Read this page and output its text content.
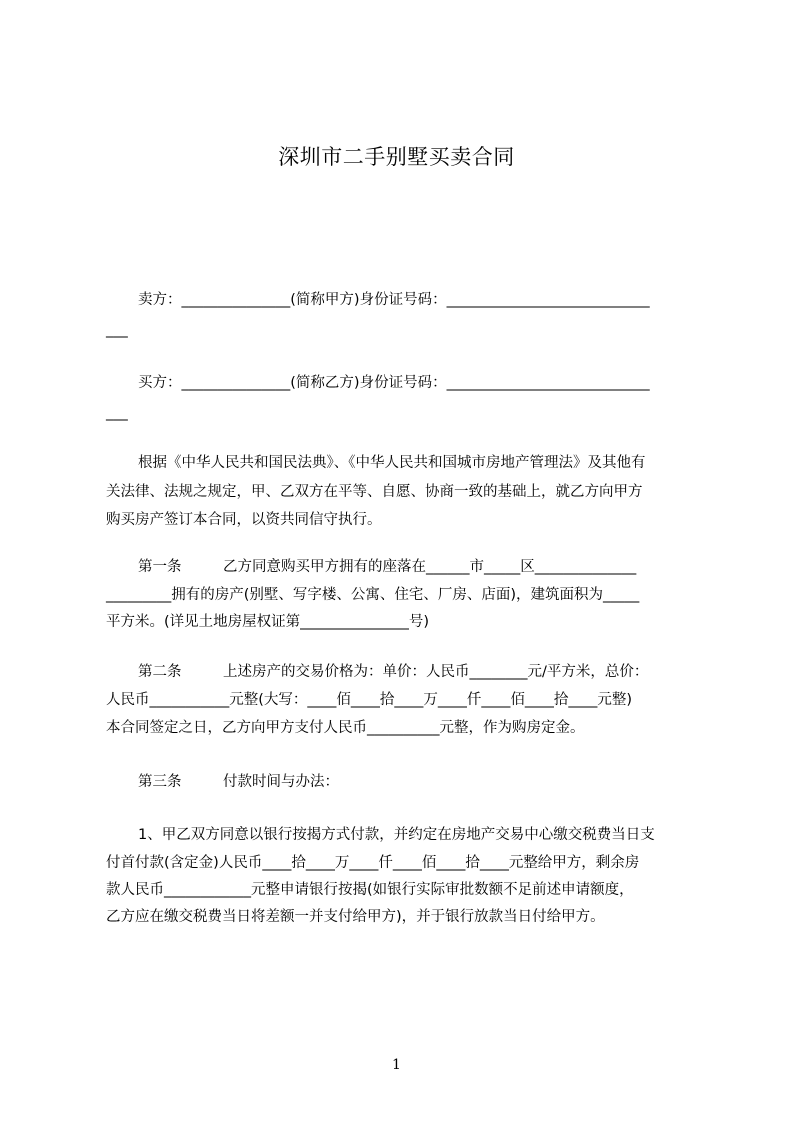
深圳市二手别墅买卖合同
卖方：_______________(简称甲方)身份证号码：____________________________
___
买方：_______________(简称乙方)身份证号码：____________________________
___
根据《中华人民共和国民法典》、《中华人民共和国城市房地产管理法》及其他有
关法律、法规之规定，甲、乙双方在平等、自愿、协商一致的基础上，就乙方向甲方
购买房产签订本合同，以资共同信守执行。
第一条         乙方同意购买甲方拥有的座落在______市_____区______________
_________拥有的房产(别墅、写字楼、公寓、住宅、厂房、店面)，建筑面积为_____
平方米。(详见土地房屋权证第_______________号)
第二条         上述房产的交易价格为：单价：人民币________元/平方米，总价：
人民币___________元整(大写：____佰____拾____万____仟____佰____拾____元整)
本合同签定之日，乙方向甲方支付人民币__________元整，作为购房定金。
第三条         付款时间与办法：
1、甲乙双方同意以银行按揭方式付款，并约定在房地产交易中心缴交税费当日支
付首付款(含定金)人民币____拾____万____仟____佰____拾____元整给甲方，剩余房
款人民币____________元整申请银行按揭(如银行实际审批数额不足前述申请额度，
乙方应在缴交税费当日将差额一并支付给甲方)，并于银行放款当日付给甲方。
1
